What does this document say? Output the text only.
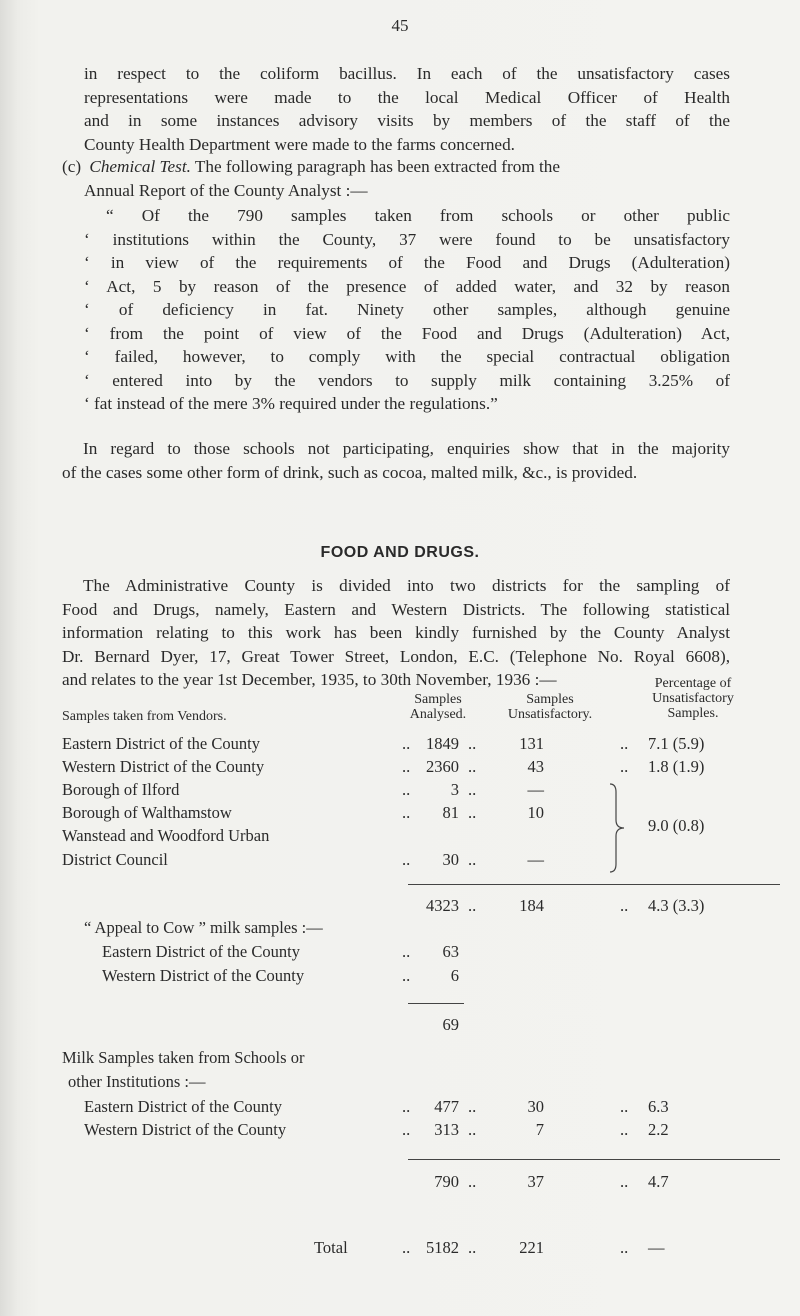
45
in respect to the coliform bacillus. In each of the unsatisfactory cases
representations were made to the local Medical Officer of Health
and in some instances advisory visits by members of the staff of the
County Health Department were made to the farms concerned.
(c) Chemical Test. The following paragraph has been extracted from the
Annual Report of the County Analyst :—
“ Of the 790 samples taken from schools or other public
‘ institutions within the County, 37 were found to be unsatisfactory
‘ in view of the requirements of the Food and Drugs (Adulteration)
‘ Act, 5 by reason of the presence of added water, and 32 by reason
‘ of deficiency in fat. Ninety other samples, although genuine
‘ from the point of view of the Food and Drugs (Adulteration) Act,
‘ failed, however, to comply with the special contractual obligation
‘ entered into by the vendors to supply milk containing 3.25% of
‘ fat instead of the mere 3% required under the regulations.”
In regard to those schools not participating, enquiries show that in the majority
of the cases some other form of drink, such as cocoa, malted milk, &c., is provided.
FOOD AND DRUGS.
The Administrative County is divided into two districts for the sampling of
Food and Drugs, namely, Eastern and Western Districts. The following statistical
information relating to this work has been kindly furnished by the County Analyst
Dr. Bernard Dyer, 17, Great Tower Street, London, E.C. (Telephone No. Royal 6608),
and relates to the year 1st December, 1935, to 30th November, 1936 :—
Samples taken from Vendors.
Samples
Analysed.
Samples
Unsatisfactory.
Percentage of
Unsatisfactory
Samples.
Eastern District of the County	.. 1849 ..	131	.. 7.1 (5.9)
Western District of the County	.. 2360 ..	43	.. 1.8 (1.9)
Borough of Ilford	..	3 ..	—
Borough of Walthamstow	..	81 ..	10
Wanstead and Woodford Urban
District Council	..	30 ..	—
9.0 (0.8)
4323 ..	184	.. 4.3 (3.3)
“ Appeal to Cow ” milk samples :—
Eastern District of the County	..	63
Western District of the County	..	6
69
Milk Samples taken from Schools or
other Institutions :—
Eastern District of the County	..	477 ..	30	.. 6.3
Western District of the County	..	313 ..	7	.. 2.2
790 ..	37	.. 4.7
Total	.. 5182 ..	221	.. —
